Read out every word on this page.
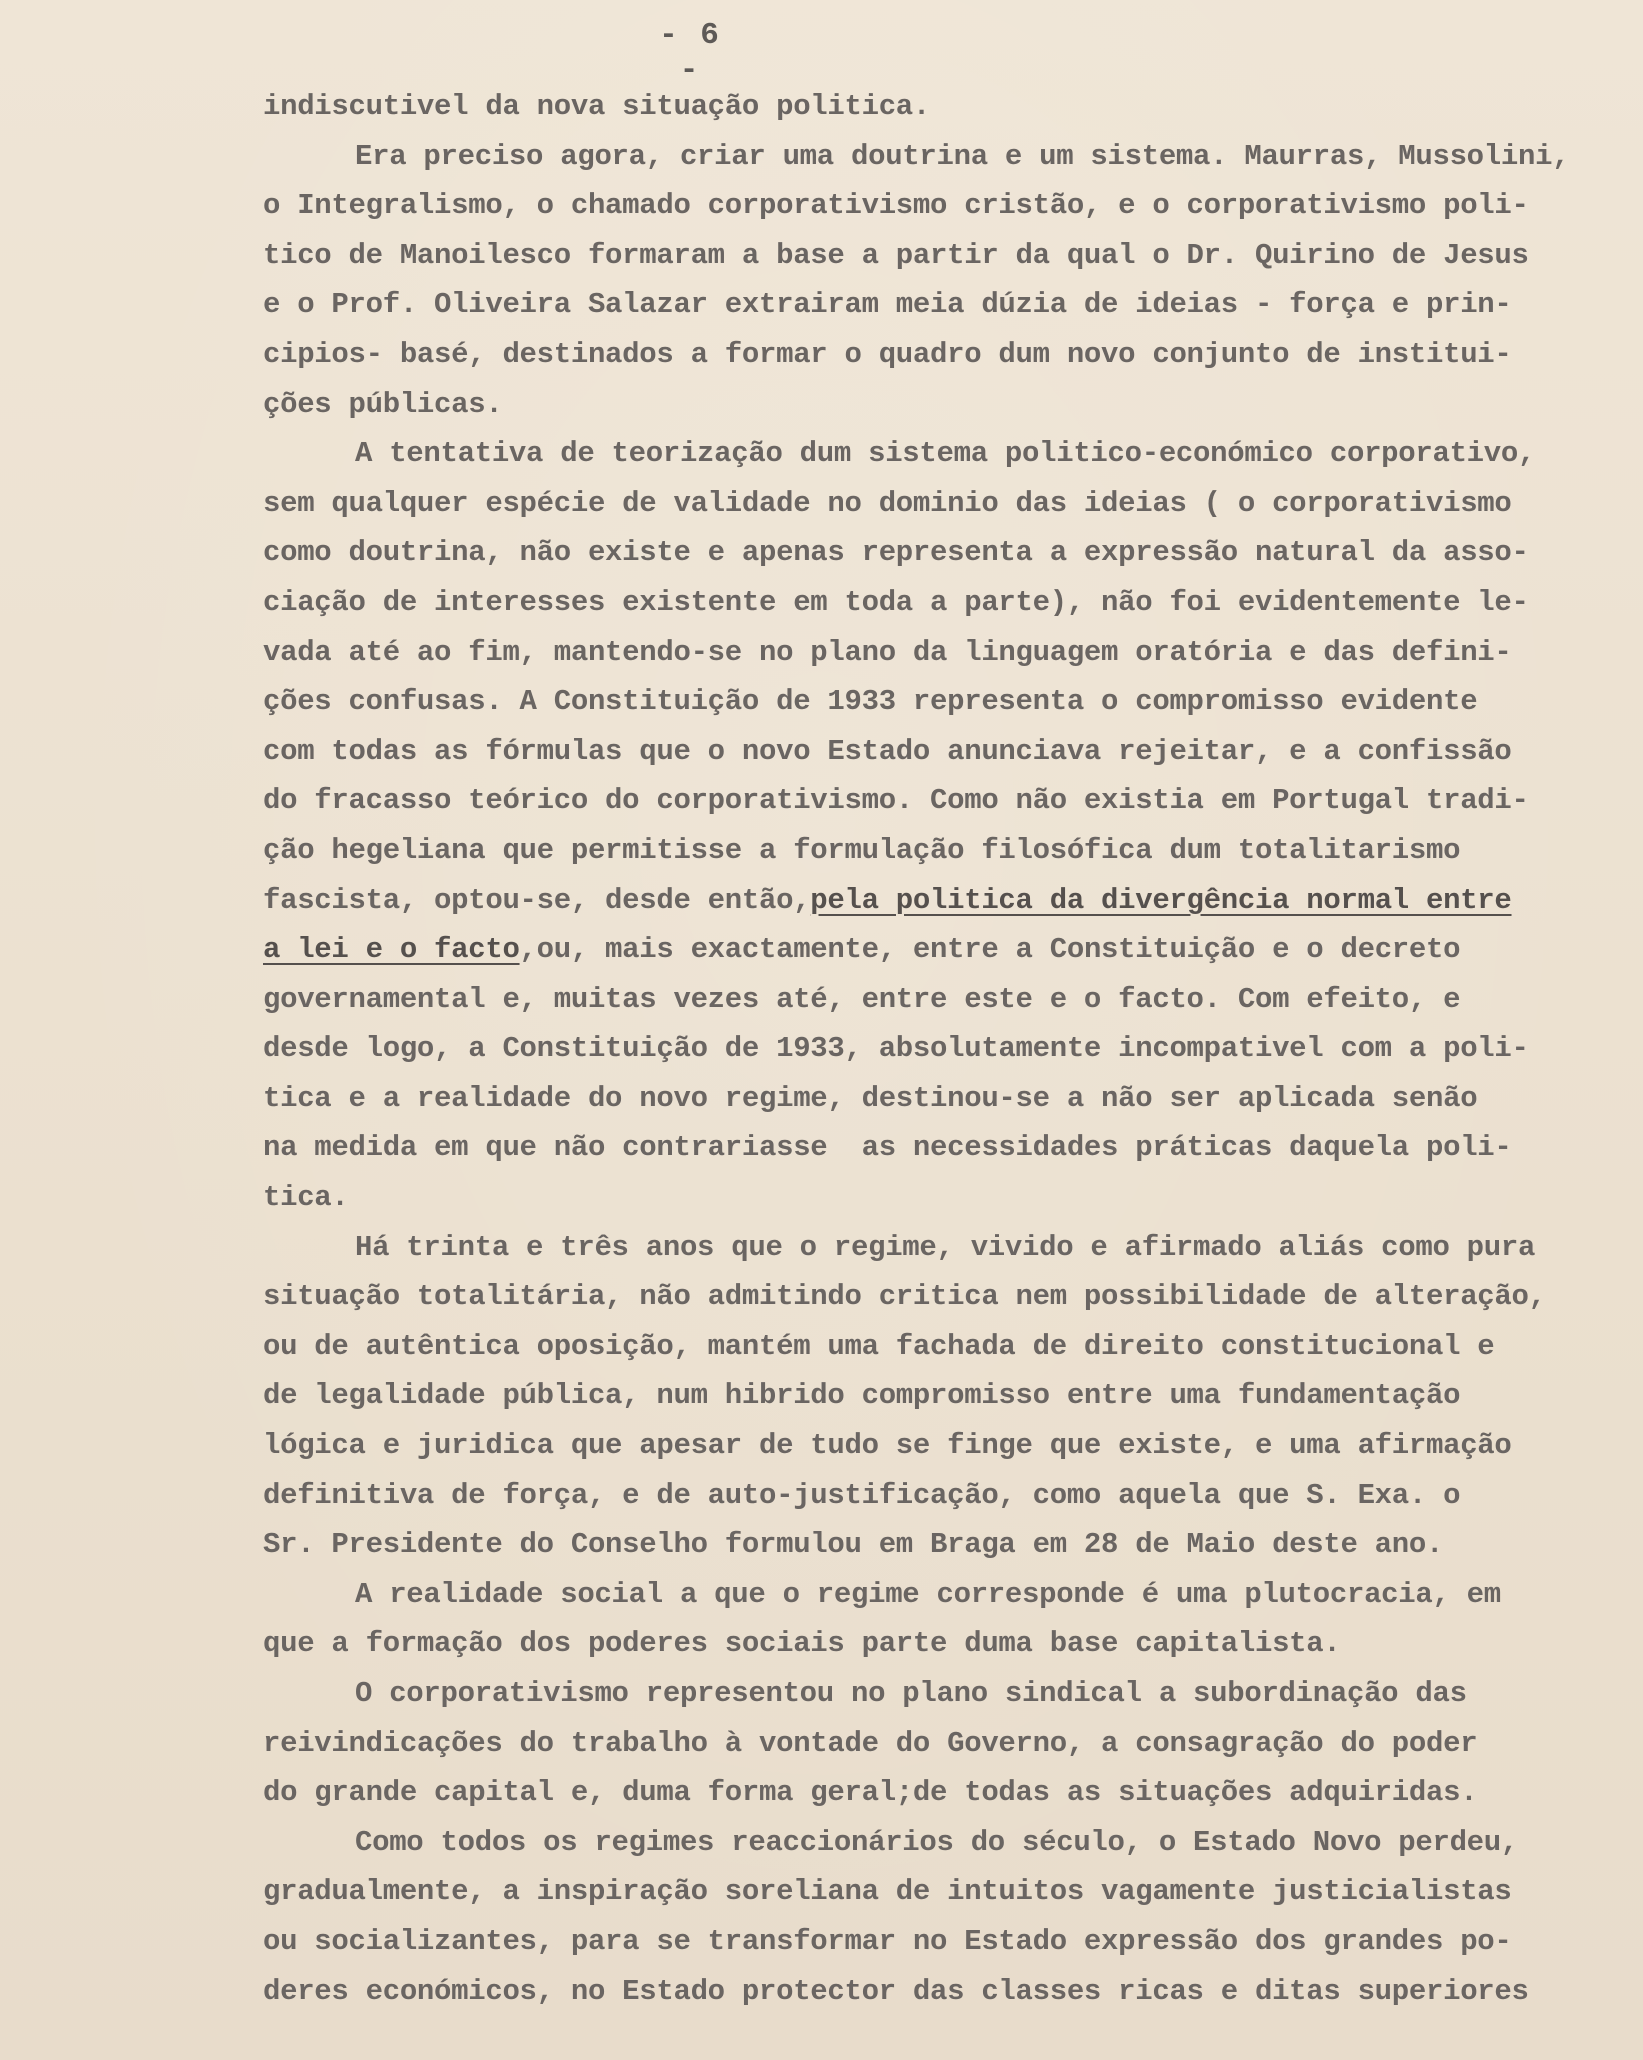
- 6 -
indiscutivel da nova situação politica.
Era preciso agora, criar uma doutrina e um sistema. Maurras, Mussolini,
o Integralismo, o chamado corporativismo cristão, e o corporativismo poli-
tico de Manoilesco formaram a base a partir da qual o Dr. Quirino de Jesus
e o Prof. Oliveira Salazar extrairam meia dúzia de ideias - força e prin-
cipios- basé, destinados a formar o quadro dum novo conjunto de institui-
ções públicas.
A tentativa de teorização dum sistema politico-económico corporativo,
sem qualquer espécie de validade no dominio das ideias ( o corporativismo
como doutrina, não existe e apenas representa a expressão natural da asso-
ciação de interesses existente em toda a parte), não foi evidentemente le-
vada até ao fim, mantendo-se no plano da linguagem oratória e das defini-
ções confusas. A Constituição de 1933 representa o compromisso evidente
com todas as fórmulas que o novo Estado anunciava rejeitar, e a confissão
do fracasso teórico do corporativismo. Como não existia em Portugal tradi-
ção hegeliana que permitisse a formulação filosófica dum totalitarismo
fascista, optou-se, desde então,pela politica da divergência normal entre
a lei e o facto,ou, mais exactamente, entre a Constituição e o decreto
governamental e, muitas vezes até, entre este e o facto. Com efeito, e
desde logo, a Constituição de 1933, absolutamente incompativel com a poli-
tica e a realidade do novo regime, destinou-se a não ser aplicada senão
na medida em que não contrariasse  as necessidades práticas daquela poli-
tica.
Há trinta e três anos que o regime, vivido e afirmado aliás como pura
situação totalitária, não admitindo critica nem possibilidade de alteração,
ou de autêntica oposição, mantém uma fachada de direito constitucional e
de legalidade pública, num hibrido compromisso entre uma fundamentação
lógica e juridica que apesar de tudo se finge que existe, e uma afirmação
definitiva de força, e de auto-justificação, como aquela que S. Exa. o
Sr. Presidente do Conselho formulou em Braga em 28 de Maio deste ano.
A realidade social a que o regime corresponde é uma plutocracia, em
que a formação dos poderes sociais parte duma base capitalista.
O corporativismo representou no plano sindical a subordinação das
reivindicações do trabalho à vontade do Governo, a consagração do poder
do grande capital e, duma forma geral;de todas as situações adquiridas.
Como todos os regimes reaccionários do século, o Estado Novo perdeu,
gradualmente, a inspiração soreliana de intuitos vagamente justicialistas
ou socializantes, para se transformar no Estado expressão dos grandes po-
deres económicos, no Estado protector das classes ricas e ditas superiores
